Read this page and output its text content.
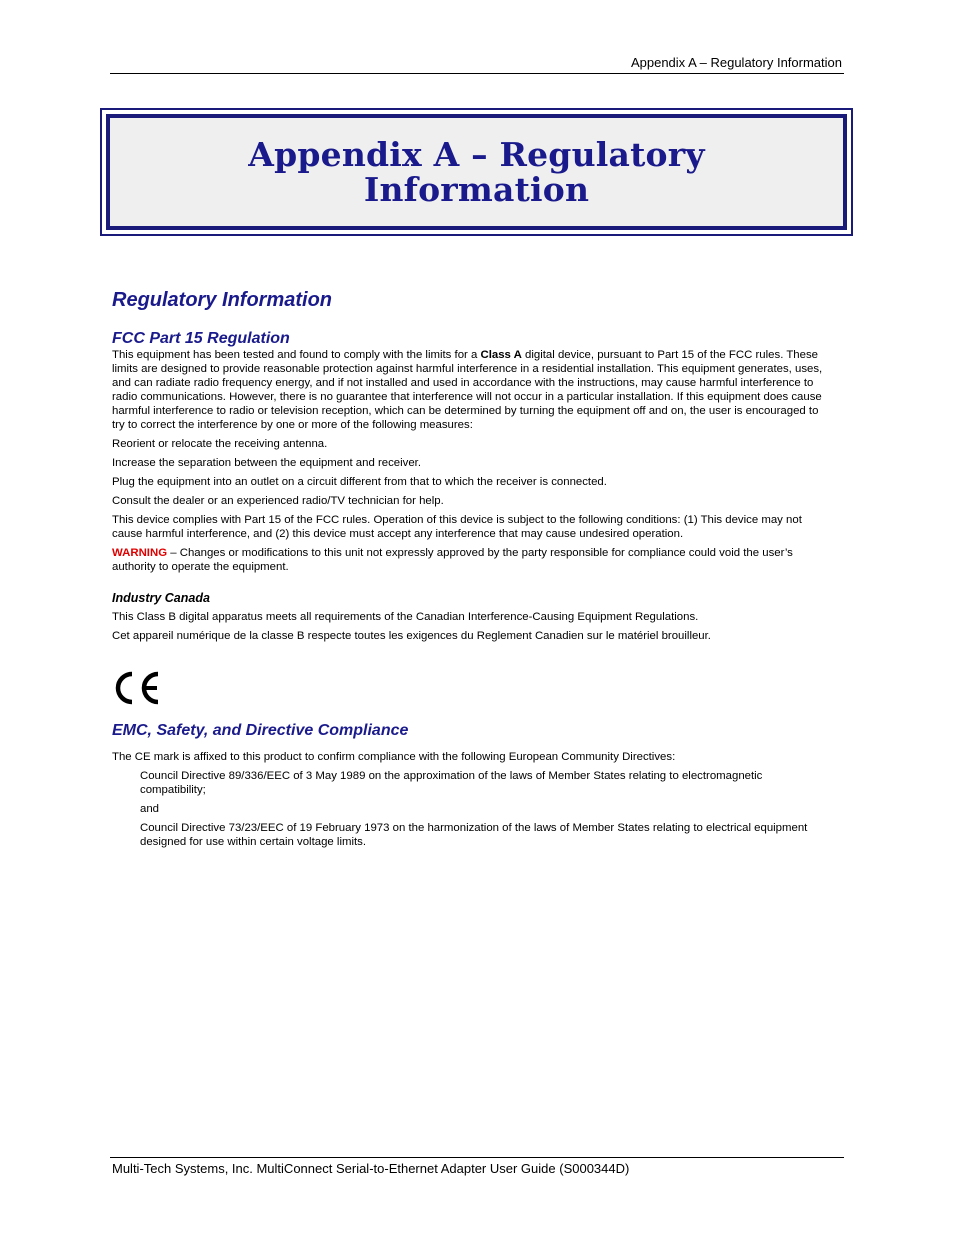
Appendix A – Regulatory Information
Appendix A – Regulatory Information
Regulatory Information
FCC Part 15 Regulation

This equipment has been tested and found to comply with the limits for a Class A digital device, pursuant to Part 15 of the FCC rules. These limits are designed to provide reasonable protection against harmful interference in a residential installation. This equipment generates, uses, and can radiate radio frequency energy, and if not installed and used in accordance with the instructions, may cause harmful interference to radio communications. However, there is no guarantee that interference will not occur in a particular installation. If this equipment does cause harmful interference to radio or television reception, which can be determined by turning the equipment off and on, the user is encouraged to try to correct the interference by one or more of the following measures:

Reorient or relocate the receiving antenna.

Increase the separation between the equipment and receiver.

Plug the equipment into an outlet on a circuit different from that to which the receiver is connected.

Consult the dealer or an experienced radio/TV technician for help.

This device complies with Part 15 of the FCC rules. Operation of this device is subject to the following conditions: (1) This device may not cause harmful interference, and (2) this device must accept any interference that may cause undesired operation.

WARNING – Changes or modifications to this unit not expressly approved by the party responsible for compliance could void the user’s authority to operate the equipment.

Industry Canada

This Class B digital apparatus meets all requirements of the Canadian Interference-Causing Equipment Regulations.

Cet appareil numérique de la classe B respecte toutes les exigences du Reglement Canadien sur le matériel brouilleur.

EMC, Safety, and Directive Compliance

The CE mark is affixed to this product to confirm compliance with the following European Community Directives:

Council Directive 89/336/EEC of 3 May 1989 on the approximation of the laws of Member States relating to electromagnetic compatibility;

and

Council Directive 73/23/EEC of 19 February 1973 on the harmonization of the laws of Member States relating to electrical equipment designed for use within certain voltage limits.

Multi-Tech Systems, Inc. MultiConnect Serial-to-Ethernet Adapter User Guide (S000344D)
